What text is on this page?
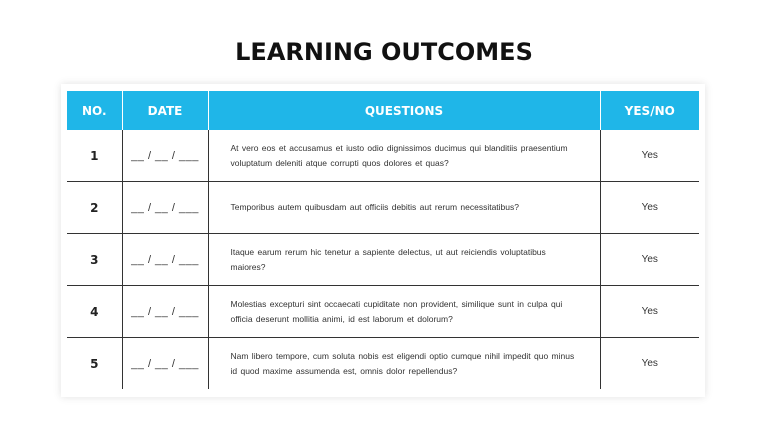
LEARNING OUTCOMES
NO.	DATE	QUESTIONS	YES/NO
1	__ / __ / ___	At vero eos et accusamus et iusto odio dignissimos ducimus qui blanditiis praesentium voluptatum deleniti atque corrupti quos dolores et quas?	Yes
2	__ / __ / ___	Temporibus autem quibusdam aut officiis debitis aut rerum necessitatibus?	Yes
3	__ / __ / ___	Itaque earum rerum hic tenetur a sapiente delectus, ut aut reiciendis voluptatibus maiores?	Yes
4	__ / __ / ___	Molestias excepturi sint occaecati cupiditate non provident, similique sunt in culpa qui officia deserunt mollitia animi, id est laborum et dolorum?	Yes
5	__ / __ / ___	Nam libero tempore, cum soluta nobis est eligendi optio cumque nihil impedit quo minus id quod maxime assumenda est, omnis dolor repellendus?	Yes
